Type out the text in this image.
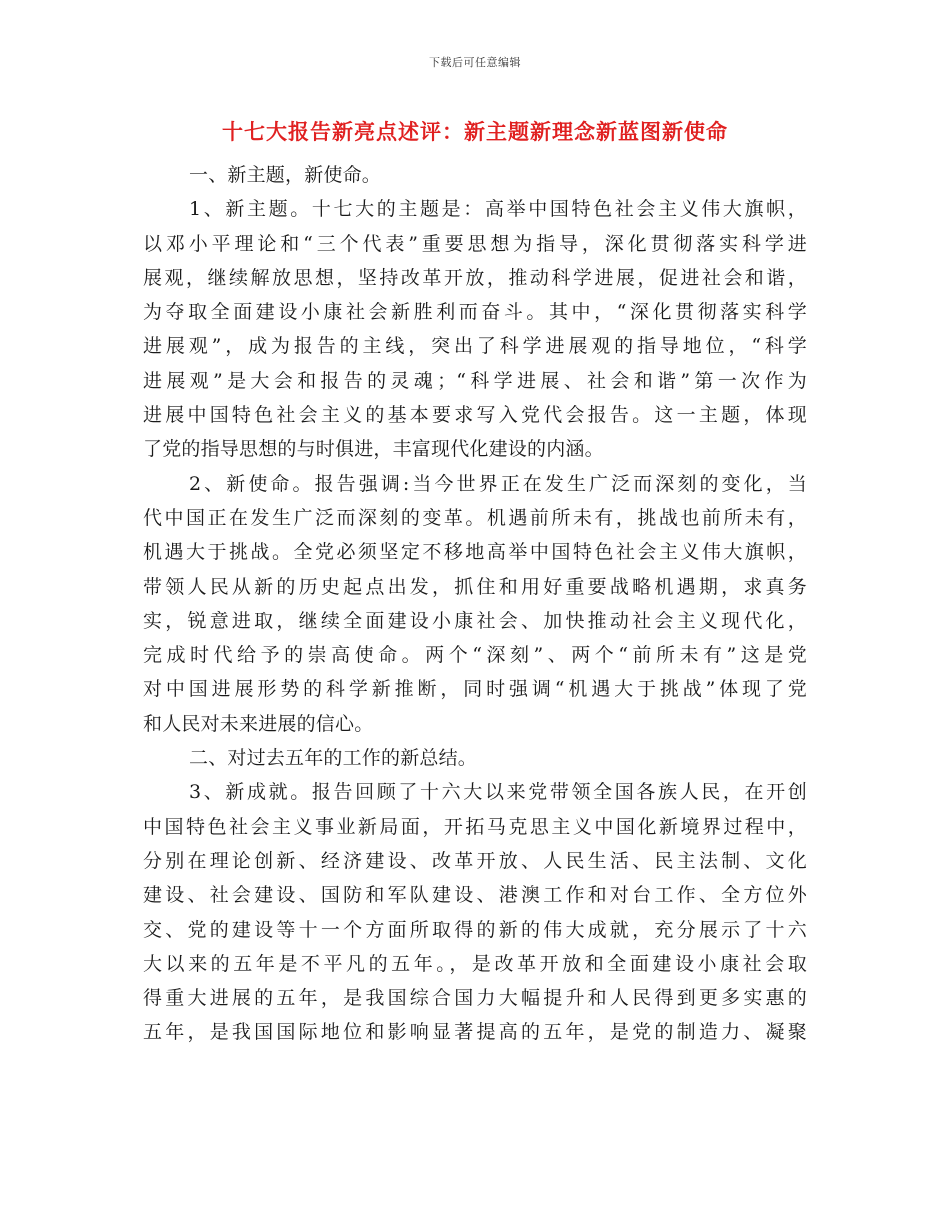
下载后可任意编辑
十七大报告新亮点述评：新主题新理念新蓝图新使命
一、新主题，新使命。
1、新主题。十七大的主题是：高举中国特色社会主义伟大旗帜，
以邓小平理论和“三个代表”重要思想为指导，深化贯彻落实科学进
展观，继续解放思想，坚持改革开放，推动科学进展，促进社会和谐，
为夺取全面建设小康社会新胜利而奋斗。其中，“深化贯彻落实科学
进展观”，成为报告的主线，突出了科学进展观的指导地位，“科学
进展观”是大会和报告的灵魂；“科学进展、社会和谐”第一次作为
进展中国特色社会主义的基本要求写入党代会报告。这一主题，体现
了党的指导思想的与时俱进，丰富现代化建设的内涵。
2、新使命。报告强调:当今世界正在发生广泛而深刻的变化，当
代中国正在发生广泛而深刻的变革。机遇前所未有，挑战也前所未有，
机遇大于挑战。全党必须坚定不移地高举中国特色社会主义伟大旗帜，
带领人民从新的历史起点出发，抓住和用好重要战略机遇期，求真务
实，锐意进取，继续全面建设小康社会、加快推动社会主义现代化，
完成时代给予的崇高使命。两个“深刻”、两个“前所未有”这是党
对中国进展形势的科学新推断，同时强调“机遇大于挑战”体现了党
和人民对未来进展的信心。
二、对过去五年的工作的新总结。
3、新成就。报告回顾了十六大以来党带领全国各族人民，在开创
中国特色社会主义事业新局面，开拓马克思主义中国化新境界过程中，
分别在理论创新、经济建设、改革开放、人民生活、民主法制、文化
建设、社会建设、国防和军队建设、港澳工作和对台工作、全方位外
交、党的建设等十一个方面所取得的新的伟大成就，充分展示了十六
大以来的五年是不平凡的五年。，是改革开放和全面建设小康社会取
得重大进展的五年，是我国综合国力大幅提升和人民得到更多实惠的
五年，是我国国际地位和影响显著提高的五年，是党的制造力、凝聚
